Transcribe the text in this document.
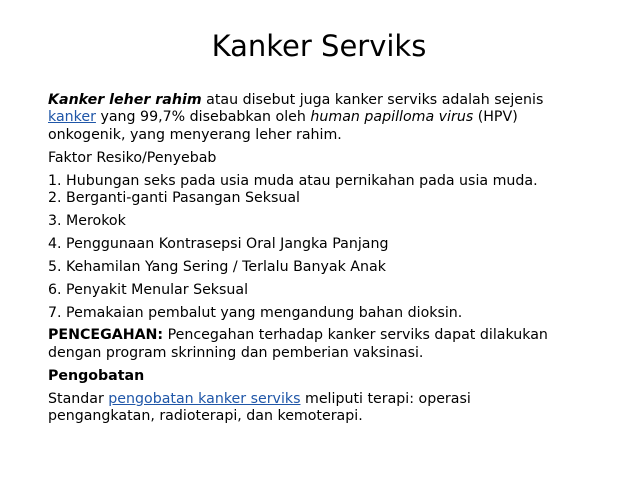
Kanker Serviks
Kanker leher rahim atau disebut juga kanker serviks adalah sejenis
kanker yang 99,7% disebabkan oleh human papilloma virus (HPV)
onkogenik, yang menyerang leher rahim.
Faktor Resiko/Penyebab
1. Hubungan seks pada usia muda atau pernikahan pada usia muda.
2. Berganti-ganti Pasangan Seksual
3. Merokok
4. Penggunaan Kontrasepsi Oral Jangka Panjang
5. Kehamilan Yang Sering / Terlalu Banyak Anak
6. Penyakit Menular Seksual
7. Pemakaian pembalut yang mengandung bahan dioksin.
PENCEGAHAN: Pencegahan terhadap kanker serviks dapat dilakukan
dengan program skrinning dan pemberian vaksinasi.
Pengobatan
Standar pengobatan kanker serviks meliputi terapi: operasi
pengangkatan, radioterapi, dan kemoterapi.
